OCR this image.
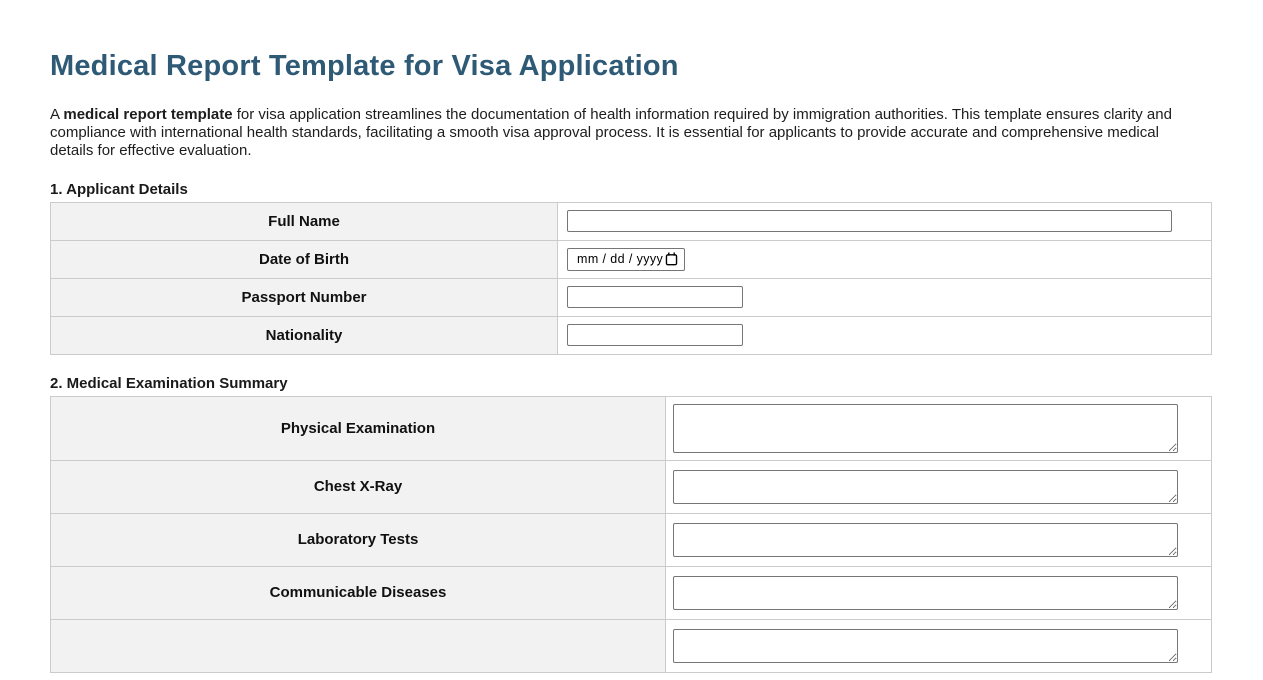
Medical Report Template for Visa Application

A medical report template for visa application streamlines the documentation of health information required by immigration authorities. This template ensures clarity and compliance with international health standards, facilitating a smooth visa approval process. It is essential for applicants to provide accurate and comprehensive medical details for effective evaluation.

1. Applicant Details
Full Name	

Date of Birth	mm / dd / yyyy

Passport Number	

Nationality	
2. Medical Examination Summary
Physical Examination	

Chest X-Ray	

Laboratory Tests	

Communicable Diseases	
